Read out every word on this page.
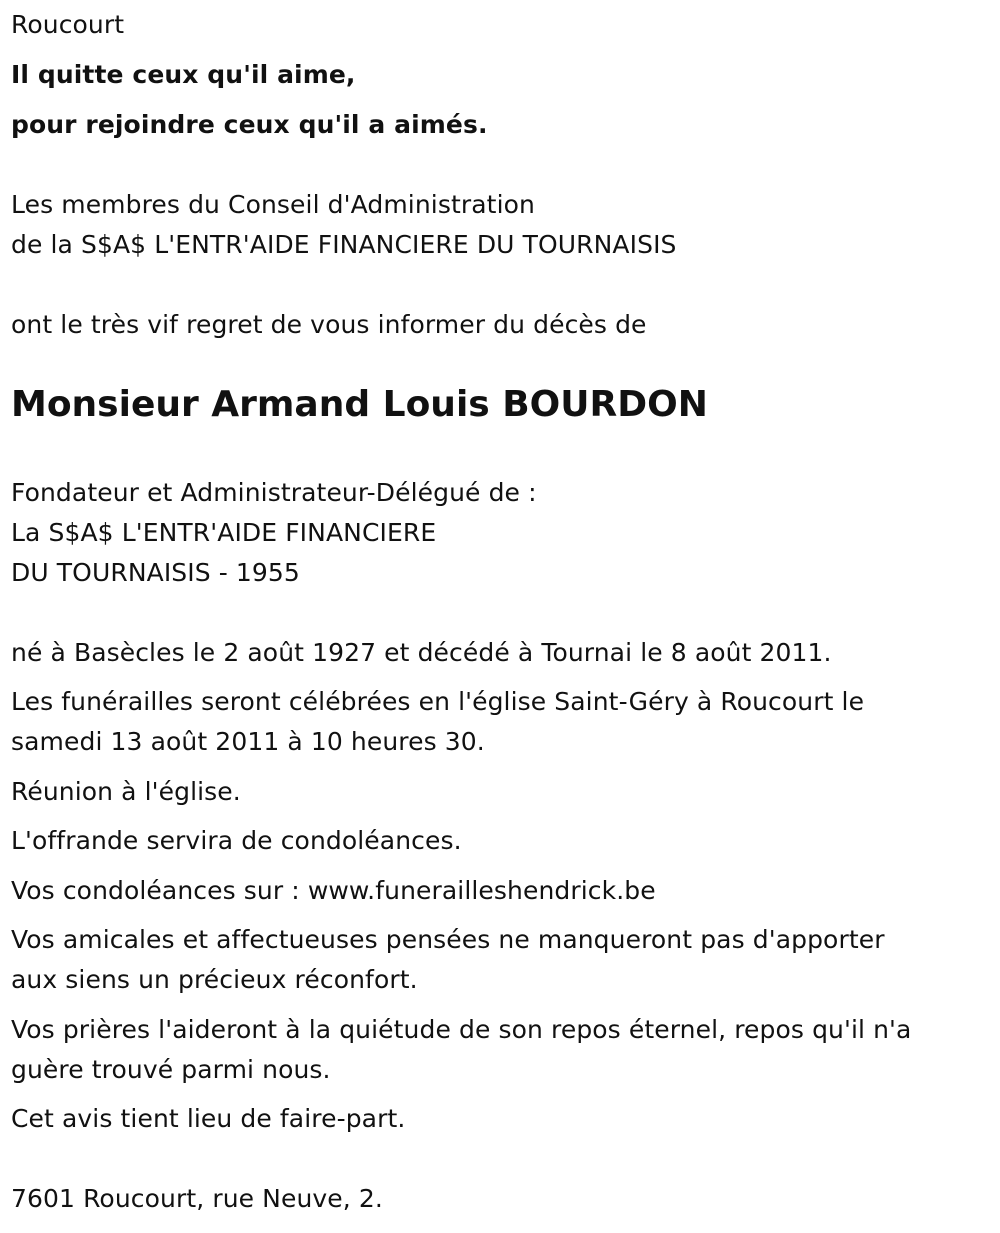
Roucourt
Il quitte ceux qu'il aime,
pour rejoindre ceux qu'il a aimés.
Les membres du Conseil d'Administration
de la S$A$ L'ENTR'AIDE FINANCIERE DU TOURNAISIS
ont le très vif regret de vous informer du décès de
Monsieur Armand Louis BOURDON
Fondateur et Administrateur-Délégué de :
La S$A$ L'ENTR'AIDE FINANCIERE
DU TOURNAISIS - 1955
né à Basècles le 2 août 1927 et décédé à Tournai le 8 août 2011.
Les funérailles seront célébrées en l'église Saint-Géry à Roucourt le
samedi 13 août 2011 à 10 heures 30.
Réunion à l'église.
L'offrande servira de condoléances.
Vos condoléances sur : www.funerailleshendrick.be
Vos amicales et affectueuses pensées ne manqueront pas d'apporter
aux siens un précieux réconfort.
Vos prières l'aideront à la quiétude de son repos éternel, repos qu'il n'a
guère trouvé parmi nous.
Cet avis tient lieu de faire-part.
7601 Roucourt, rue Neuve, 2.
